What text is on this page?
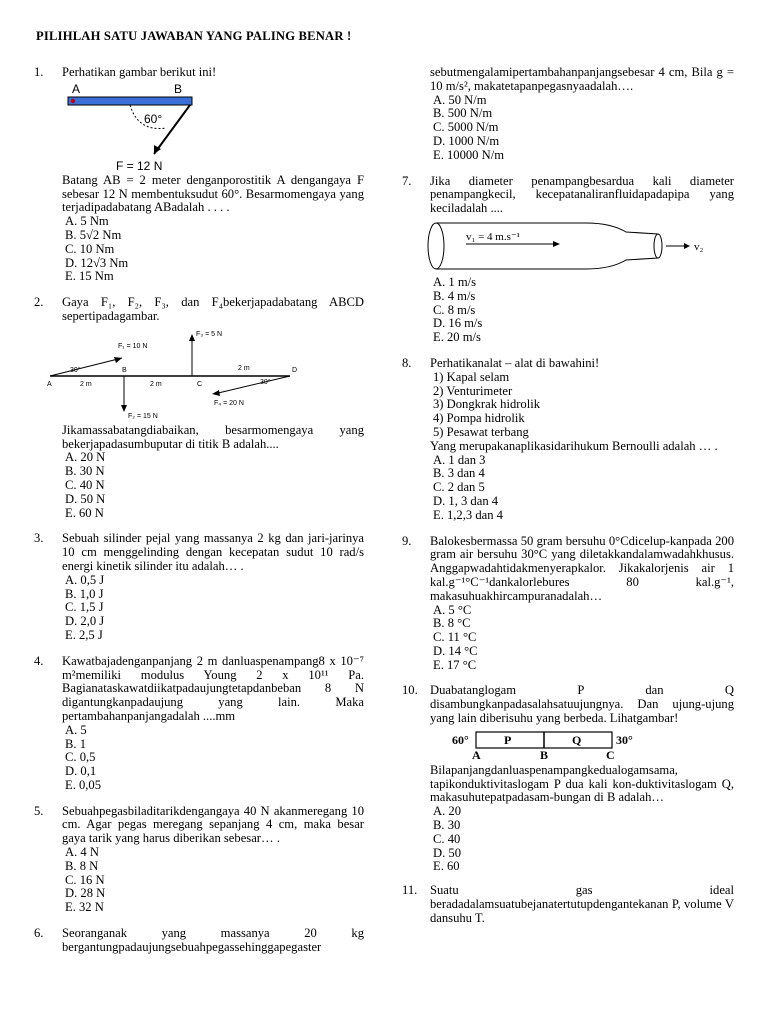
PILIHLAH SATU JAWABAN YANG PALING BENAR !
1. Perhatikan gambar berikut ini!
A	B
60°
F = 12 N
Batang AB = 2 meter denganporostitik A dengangaya F sebesar 12 N membentuksudut 60°. Besarmomengaya yang terjadipadabatang ABadalah . . . .
A. 5 Nm
B. 5√2 Nm
C. 10 Nm
D. 12√3 Nm
E. 15 Nm
2. Gaya F₁, F₂, F₃, dan F₄bekerjapadabatang ABCD sepertipadagambar.
F₁ = 10 N
30°
F₂ = 15 N
F₃ = 5 N
F₄ = 20 N
30°
A
B
C
D
2 m	2 m
2 m
Jikamassabatangdiabaikan, besarmomengaya yang bekerjapadasumbuputar di titik B adalah....
A. 20 N
B. 30 N
C. 40 N
D. 50 N
E. 60 N
3. Sebuah silinder pejal yang massanya 2 kg dan jari-jarinya 10 cm menggelinding dengan kecepatan sudut 10 rad/s energi kinetik silinder itu adalah… .
A. 0,5 J
B. 1,0 J
C. 1,5 J
D. 2,0 J
E. 2,5 J
4. Kawatbajadenganpanjang 2 m danluaspenampang8 x 10⁻⁷ m²memiliki modulus Young 2 x 10¹¹ Pa. Bagianataskawatdiikatpadaujungtetapdanbeban 8 N digantungkanpadaujung yang lain. Maka pertambahanpanjangadalah ....mm
A. 5
B. 1
C. 0,5
D. 0,1
E. 0,05
5. Sebuahpegasbiladitarikdengangaya 40 N akanmeregang 10 cm. Agar pegas meregang sepanjang 4 cm, maka besar gaya tarik yang harus diberikan sebesar… .
A. 4 N
B. 8 N
C. 16 N
D. 28 N
E. 32 N
6. Seoranganak yang massanya 20 kg bergantungpadaujungsebuahpegassehinggapegaster
sebutmengalamipertambahanpanjangsebesar 4 cm, Bila g = 10 m/s², makatetapanpegasnyaadalah….
A. 50 N/m
B. 500 N/m
C. 5000 N/m
D. 1000 N/m
E. 10000 N/m
7. Jika diameter penampangbesardua kali diameter penampangkecil, kecepatanaliranfluidapadapipa yang keciladalah ....
v₁ = 4 m.s⁻¹
v₂
A. 1 m/s
B. 4 m/s
C. 8 m/s
D. 16 m/s
E. 20 m/s
8. Perhatikanalat – alat di bawahini!
1) Kapal selam
2) Venturimeter
3) Dongkrak hidrolik
4) Pompa hidrolik
5) Pesawat terbang
Yang merupakanaplikasidarihukum Bernoulli adalah … .
A. 1 dan 3
B. 3 dan 4
C. 2 dan 5
D. 1, 3 dan 4
E. 1,2,3 dan 4
9. Balokesbermassa 50 gram bersuhu 0°Cdicelup-kanpada 200 gram air bersuhu 30°C yang diletakkandalamwadahkhusus. Anggapwadahtidakmenyerapkalor. Jikakalorjenis air 1 kal.g⁻¹°C⁻¹dankalorlebures 80 kal.g⁻¹, makasuhuakhircampuranadalah…
A. 5 °C
B. 8 °C
C. 11 °C
D. 14 °C
E. 17 °C
10. Duabatanglogam P dan Q disambungkanpadasalahsatuujungnya. Dan ujung-ujung yang lain diberisuhu yang berbeda. Lihatgambar!
60°	P	Q	30°
A	B	C
Bilapanjangdanluaspenampangkedualogamsama, tapikonduktivitaslogam P dua kali kon-duktivitaslogam Q, makasuhutepatpadasam-bungan di B adalah…
A. 20
B. 30
C. 40
D. 50
E. 60
11. Suatu gas ideal beradadalamsuatubejanatertutupdengantekanan P, volume V dansuhu T.
